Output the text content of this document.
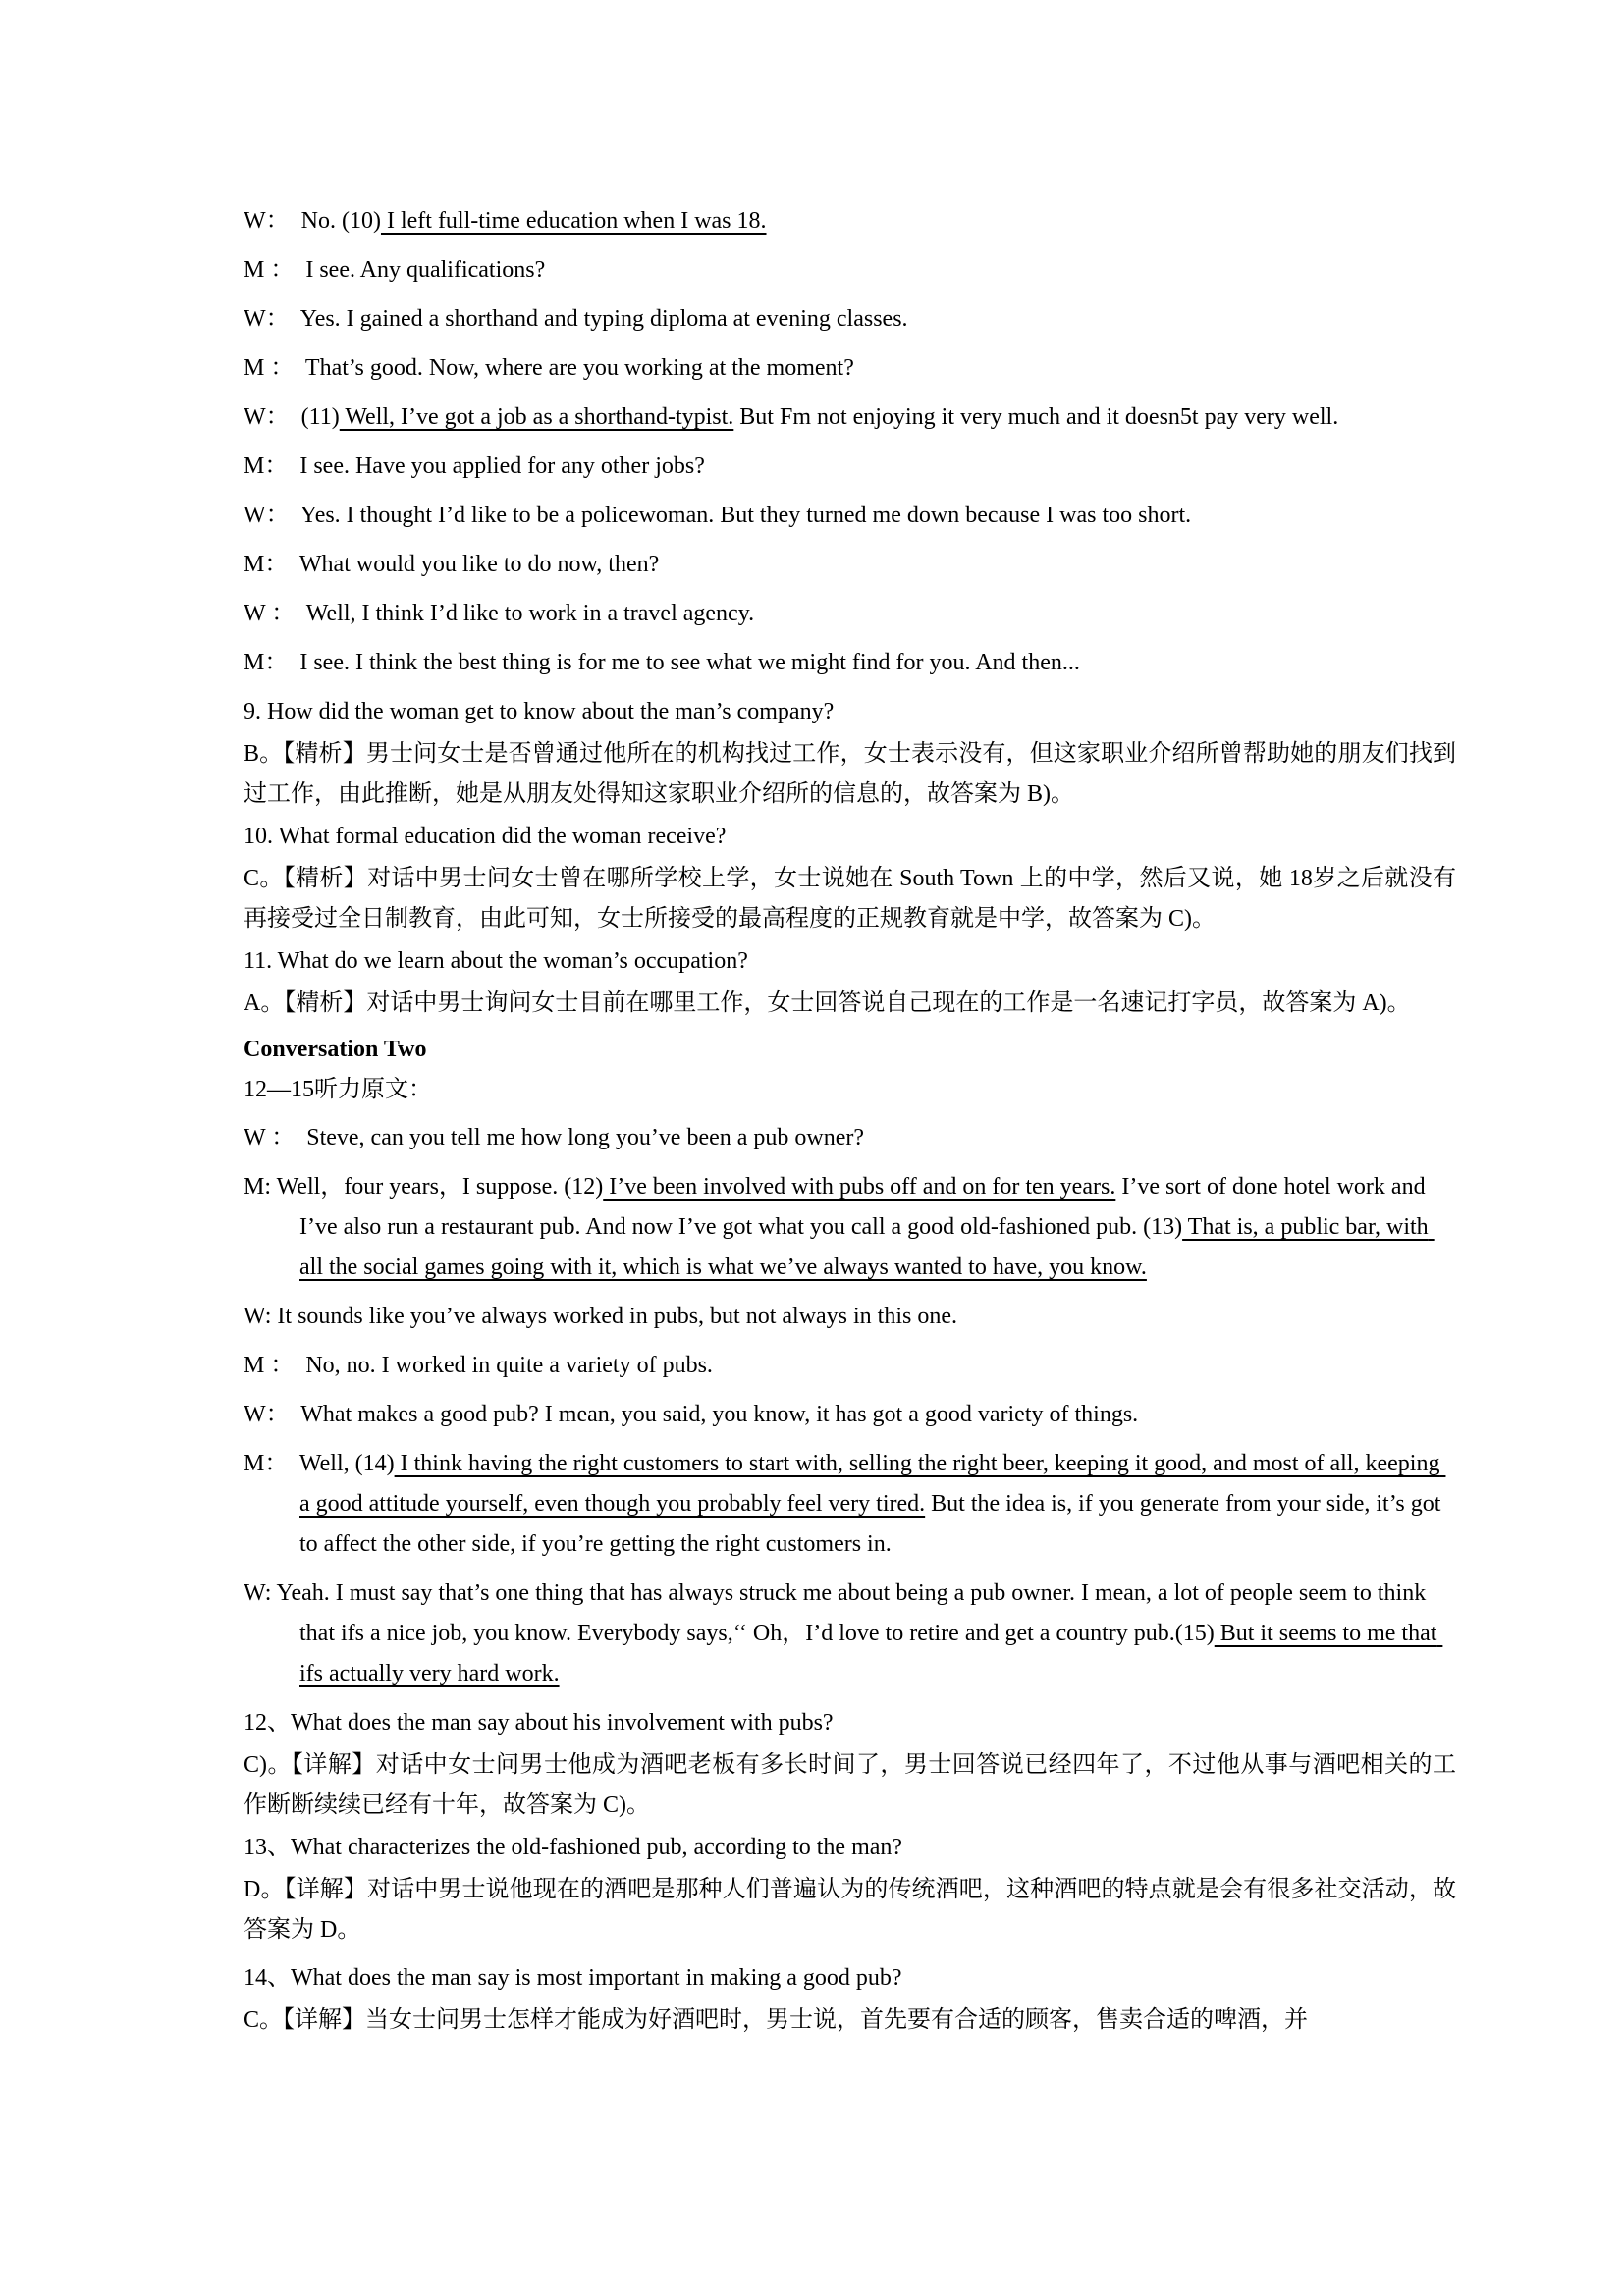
W：  No. (10) I left full-time education when I was 18.

M ：  I see. Any qualifications?

W：  Yes. I gained a shorthand and typing diploma at evening classes.

M ：  That’s good. Now, where are you working at the moment?

W：  (11) Well, I’ve got a job as a shorthand-typist. But Fm not enjoying it very much and it doesn5t pay very well.

M：  I see. Have you applied for any other jobs?

W：  Yes. I thought I’d like to be a policewoman. But they turned me down because I was too short.

M：  What would you like to do now, then?

W ：  Well, I think I’d like to work in a travel agency.

M：  I see. I think the best thing is for me to see what we might find for you. And then...

9. How did the woman get to know about the man’s company?

B。【精析】男士问女士是否曾通过他所在的机构找过工作，女士表示没有，但这家职业介绍所曾帮助她的朋友们找到过工作，由此推断，她是从朋友处得知这家职业介绍所的信息的，故答案为 B)。

10. What formal education did the woman receive?

C。【精析】对话中男士问女士曾在哪所学校上学，女士说她在 South Town 上的中学，然后又说，她 18岁之后就没有再接受过全日制教育，由此可知，女士所接受的最高程度的正规教育就是中学，故答案为 C)。

11. What do we learn about the woman’s occupation?

A。【精析】对话中男士询问女士目前在哪里工作，女士回答说自己现在的工作是一名速记打字员，故答案为 A)。

Conversation Two

12—15听力原文：

W ：  Steve, can you tell me how long you’ve been a pub owner?

M: Well，four years，I suppose. (12) I’ve been involved with pubs off and on for ten years. I’ve sort of done hotel work and I’ve also run a restaurant pub. And now I’ve got what you call a good old-fashioned pub. (13) That is, a public bar, with all the social games going with it, which is what we’ve always wanted to have, you know.

W: It sounds like you’ve always worked in pubs, but not always in this one.

M ：  No, no. I worked in quite a variety of pubs.

W：  What makes a good pub? I mean, you said, you know, it has got a good variety of things.

M：  Well, (14) I think having the right customers to start with, selling the right beer, keeping it good, and most of all, keeping a good attitude yourself, even though you probably feel very tired. But the idea is, if you generate from your side, it’s got to affect the other side, if you’re getting the right customers in.

W: Yeah. I must say that’s one thing that has always struck me about being a pub owner. I mean, a lot of people seem to think that ifs a nice job, you know. Everybody says,‘‘ Oh，I’d love to retire and get a country pub.(15) But it seems to me that ifs actually very hard work.

12、What does the man say about his involvement with pubs?

C)。【详解】对话中女士问男士他成为酒吧老板有多长时间了，男士回答说已经四年了，不过他从事与酒吧相关的工作断断续续已经有十年，故答案为 C)。

13、What characterizes the old-fashioned pub, according to the man?

D。【详解】对话中男士说他现在的酒吧是那种人们普遍认为的传统酒吧，这种酒吧的特点就是会有很多社交活动，故答案为 D。

14、What does the man say is most important in making a good pub?

C。【详解】当女士问男士怎样才能成为好酒吧时，男士说，首先要有合适的顾客，售卖合适的啤酒，并
